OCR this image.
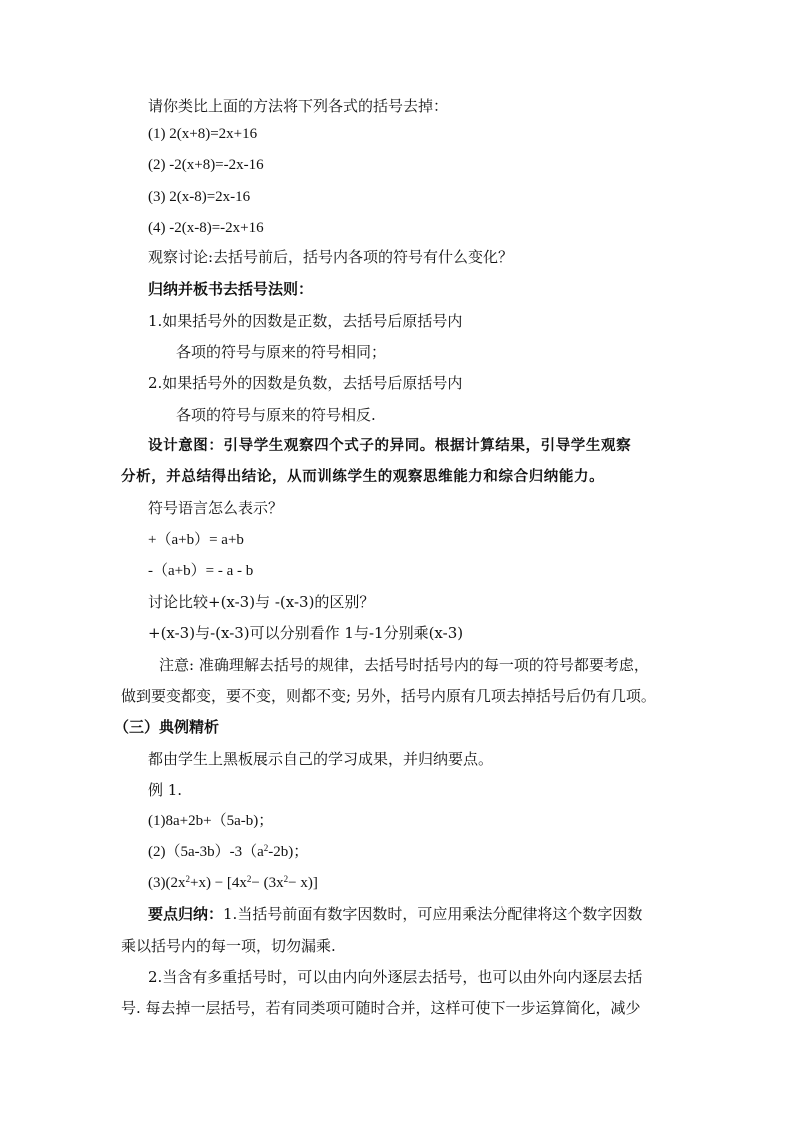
请你类比上面的方法将下列各式的括号去掉：
(1) 2(x+8)=2x+16
(2) -2(x+8)=-2x-16
(3) 2(x-8)=2x-16
(4) -2(x-8)=-2x+16
观察讨论:去括号前后，括号内各项的符号有什么变化？
归纳并板书去括号法则：
1.如果括号外的因数是正数，去括号后原括号内
各项的符号与原来的符号相同；
2.如果括号外的因数是负数，去括号后原括号内
各项的符号与原来的符号相反.
设计意图：引导学生观察四个式子的异同。根据计算结果，引导学生观察
分析，并总结得出结论，从而训练学生的观察思维能力和综合归纳能力。
符号语言怎么表示？
+（a+b）= a+b
-（a+b）= - a - b
讨论比较+(x-3)与 -(x-3)的区别？
+(x-3)与-(x-3)可以分别看作 1与-1分别乘(x-3)
注意: 准确理解去括号的规律，去括号时括号内的每一项的符号都要考虑，
做到要变都变，要不变，则都不变; 另外，括号内原有几项去掉括号后仍有几项。
（三）典例精析
都由学生上黑板展示自己的学习成果，并归纳要点。
例 1.
(1)8a+2b+（5a-b)；
$(2)(5a-3b)-3(a^2-2b)$；
$(3)(2x^2+x) - [4x^2- (3x^2- x)]$
要点归纳：1.当括号前面有数字因数时，可应用乘法分配律将这个数字因数
乘以括号内的每一项，切勿漏乘.
2.当含有多重括号时，可以由内向外逐层去括号，也可以由外向内逐层去括
号. 每去掉一层括号，若有同类项可随时合并，这样可使下一步运算简化，减少
